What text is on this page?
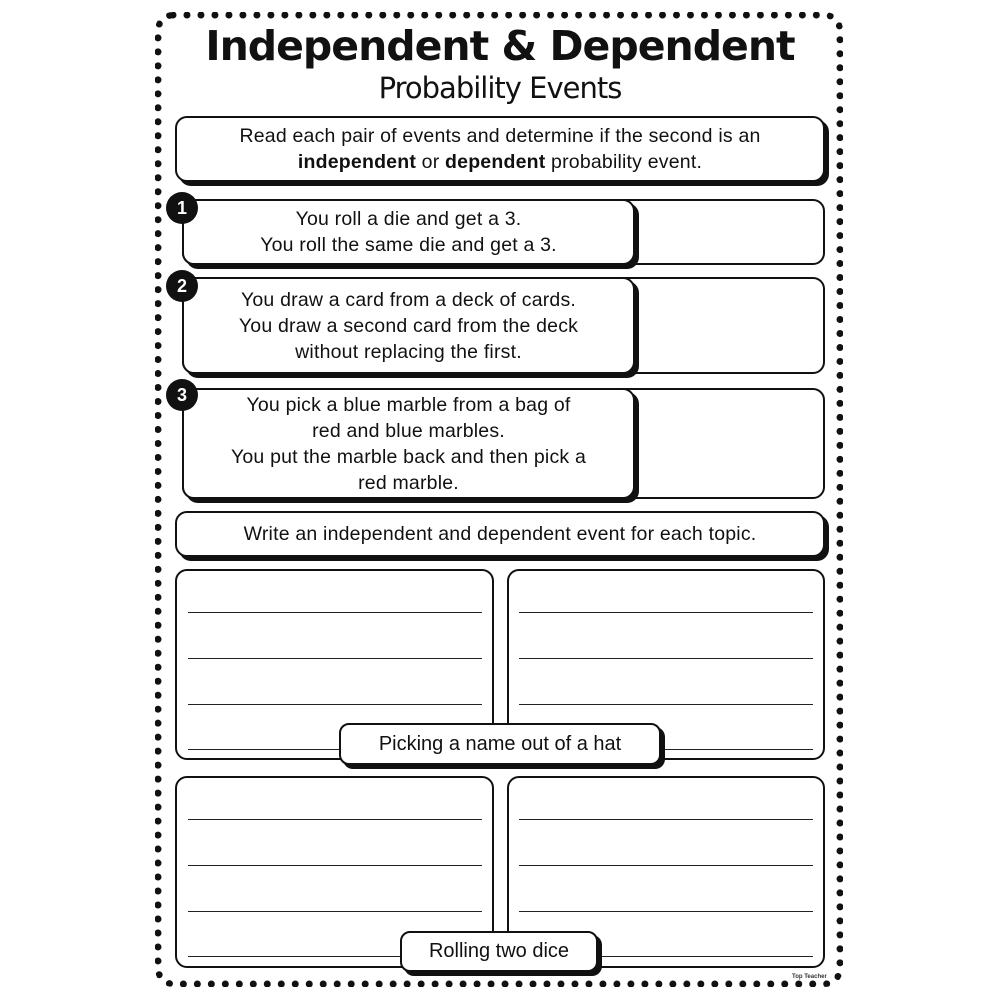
Independent & Dependent
Probability Events
Read each pair of events and determine if the second is an
independent or dependent probability event.
You roll a die and get a 3.
You roll the same die and get a 3.
1
You draw a card from a deck of cards.
You draw a second card from the deck
without replacing the first.
2
You pick a blue marble from a bag of
red and blue marbles.
You put the marble back and then pick a
red marble.
3
Write an independent and dependent event for each topic.
Picking a name out of a hat
Rolling two dice
Top Teacher
